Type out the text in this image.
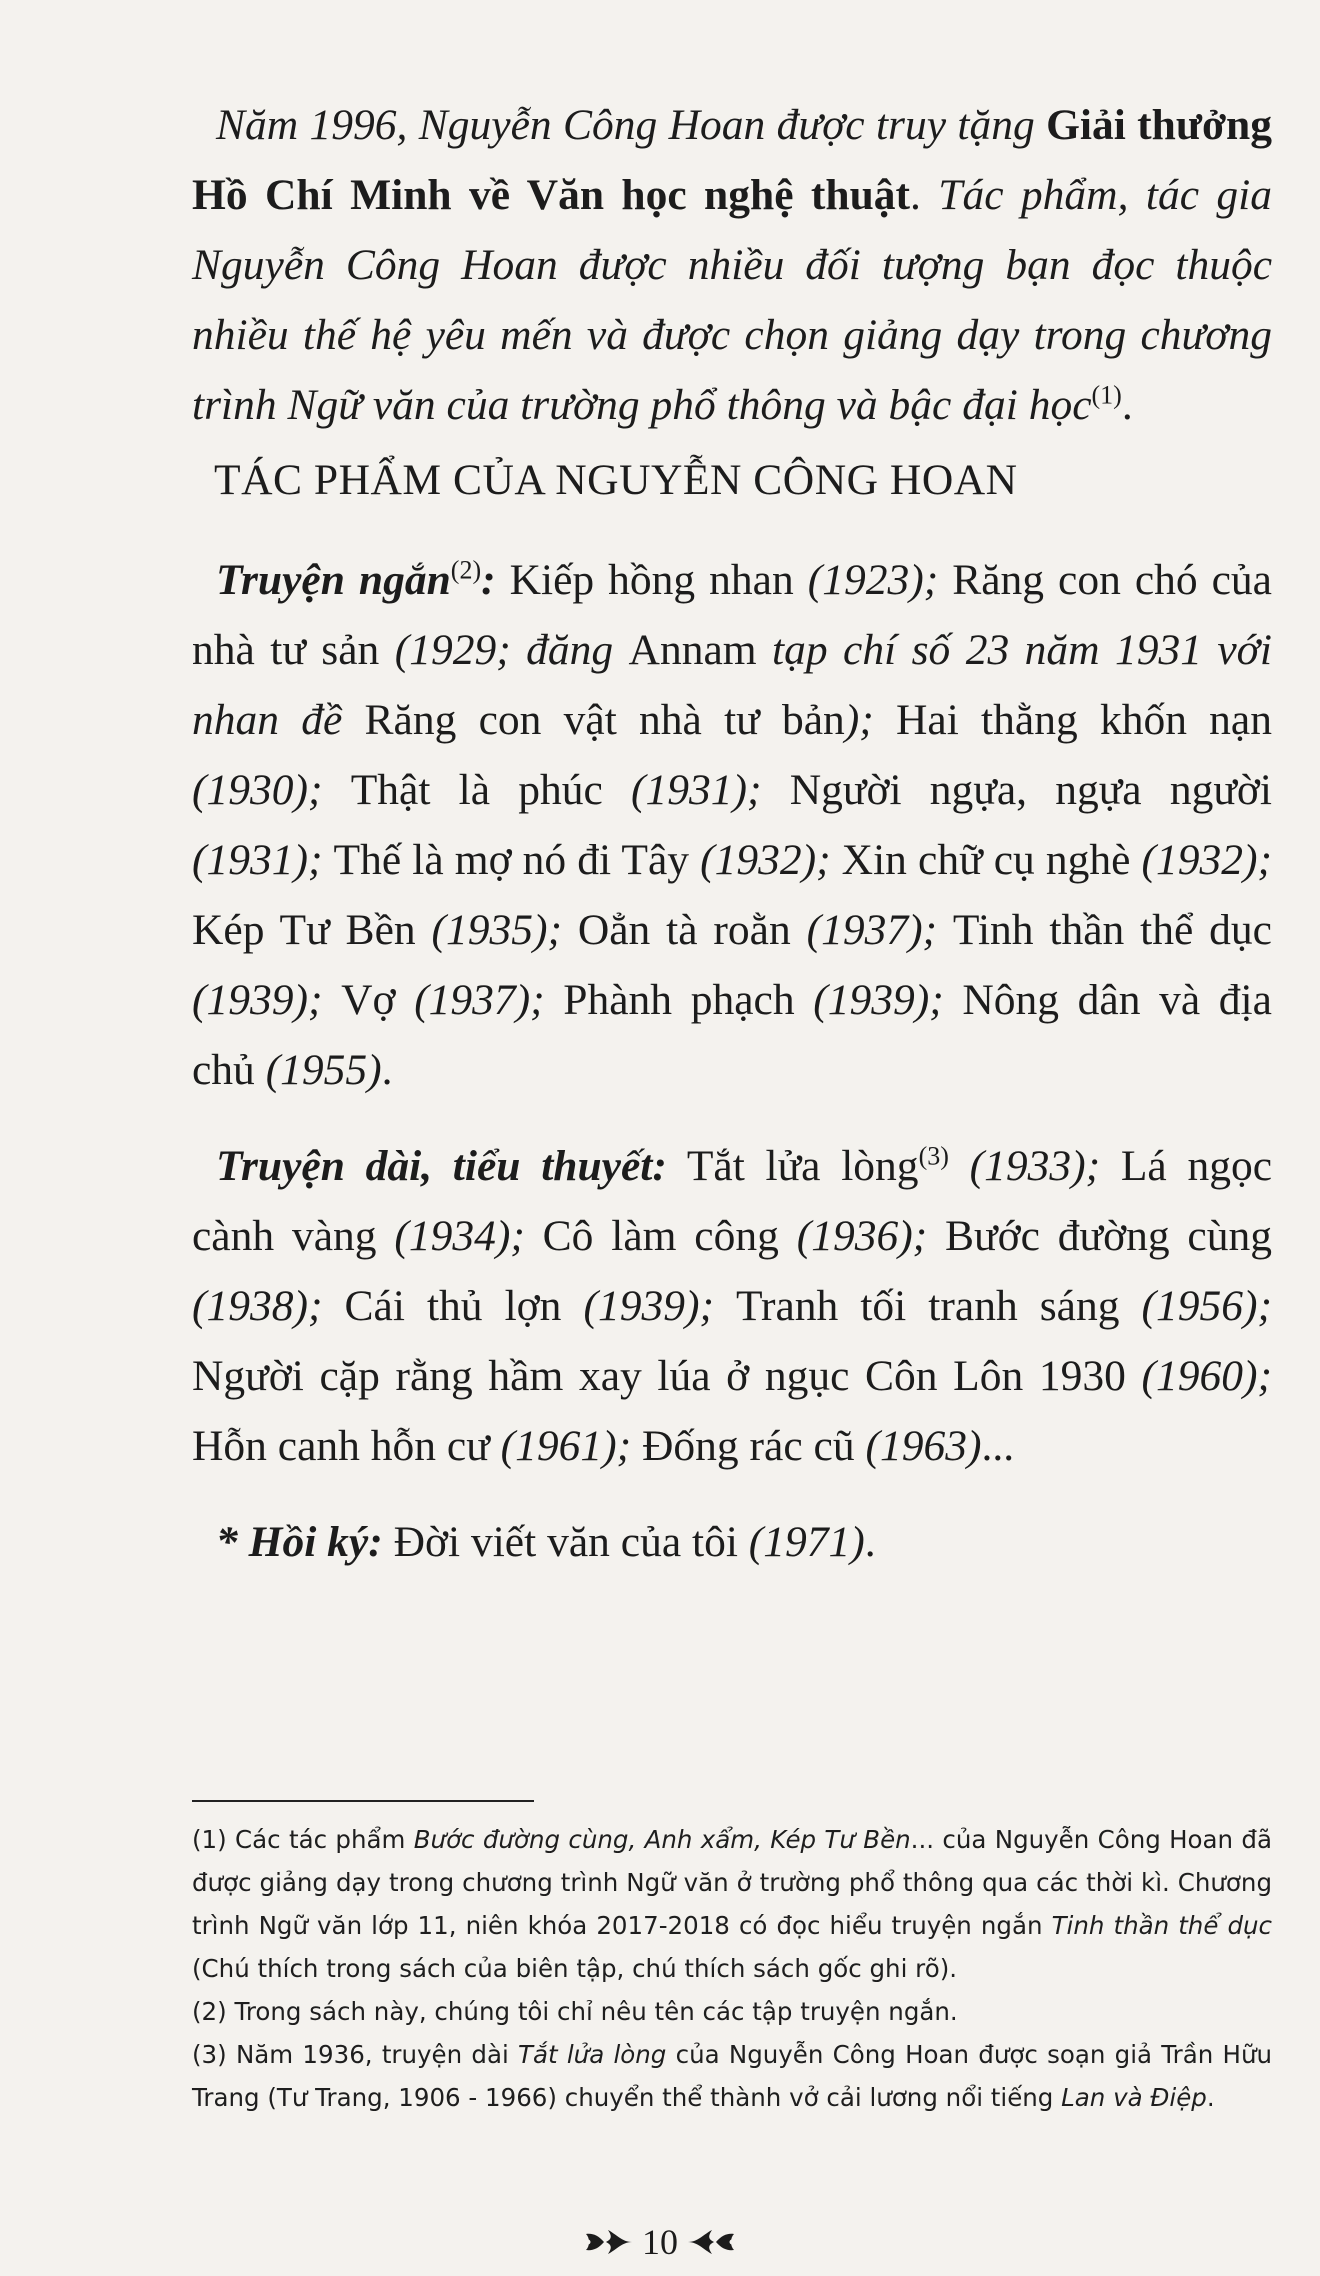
Năm 1996, Nguyễn Công Hoan được truy tặng Giải thưởng Hồ Chí Minh về Văn học nghệ thuật. Tác phẩm, tác gia Nguyễn Công Hoan được nhiều đối tượng bạn đọc thuộc nhiều thế hệ yêu mến và được chọn giảng dạy trong chương trình Ngữ văn của trường phổ thông và bậc đại học$^{(1)}$.

TÁC PHẨM CỦA NGUYỄN CÔNG HOAN

Truyện ngắn$^{(2)}$: Kiếp hồng nhan (1923); Răng con chó của nhà tư sản (1929; đăng Annam tạp chí số 23 năm 1931 với nhan đề Răng con vật nhà tư bản); Hai thằng khốn nạn (1930); Thật là phúc (1931); Người ngựa, ngựa người (1931); Thế là mợ nó đi Tây (1932); Xin chữ cụ nghè (1932); Kép Tư Bền (1935); Oẳn tà roằn (1937); Tinh thần thể dục (1939); Vợ (1937); Phành phạch (1939); Nông dân và địa chủ (1955).

Truyện dài, tiểu thuyết: Tắt lửa lòng$^{(3)}$ (1933); Lá ngọc cành vàng (1934); Cô làm công (1936); Bước đường cùng (1938); Cái thủ lợn (1939); Tranh tối tranh sáng (1956); Người cặp rằng hầm xay lúa ở ngục Côn Lôn 1930 (1960); Hỗn canh hỗn cư (1961); Đống rác cũ (1963)...

* Hồi ký: Đời viết văn của tôi (1971).

(1) Các tác phẩm Bước đường cùng, Anh xẩm, Kép Tư Bền... của Nguyễn Công Hoan đã được giảng dạy trong chương trình Ngữ văn ở trường phổ thông qua các thời kì. Chương trình Ngữ văn lớp 11, niên khóa 2017-2018 có đọc hiểu truyện ngắn Tinh thần thể dục (Chú thích trong sách của biên tập, chú thích sách gốc ghi rõ).

(2) Trong sách này, chúng tôi chỉ nêu tên các tập truyện ngắn.

(3) Năm 1936, truyện dài Tắt lửa lòng của Nguyễn Công Hoan được soạn giả Trần Hữu Trang (Tư Trang, 1906 - 1966) chuyển thể thành vở cải lương nổi tiếng Lan và Điệp.

10
